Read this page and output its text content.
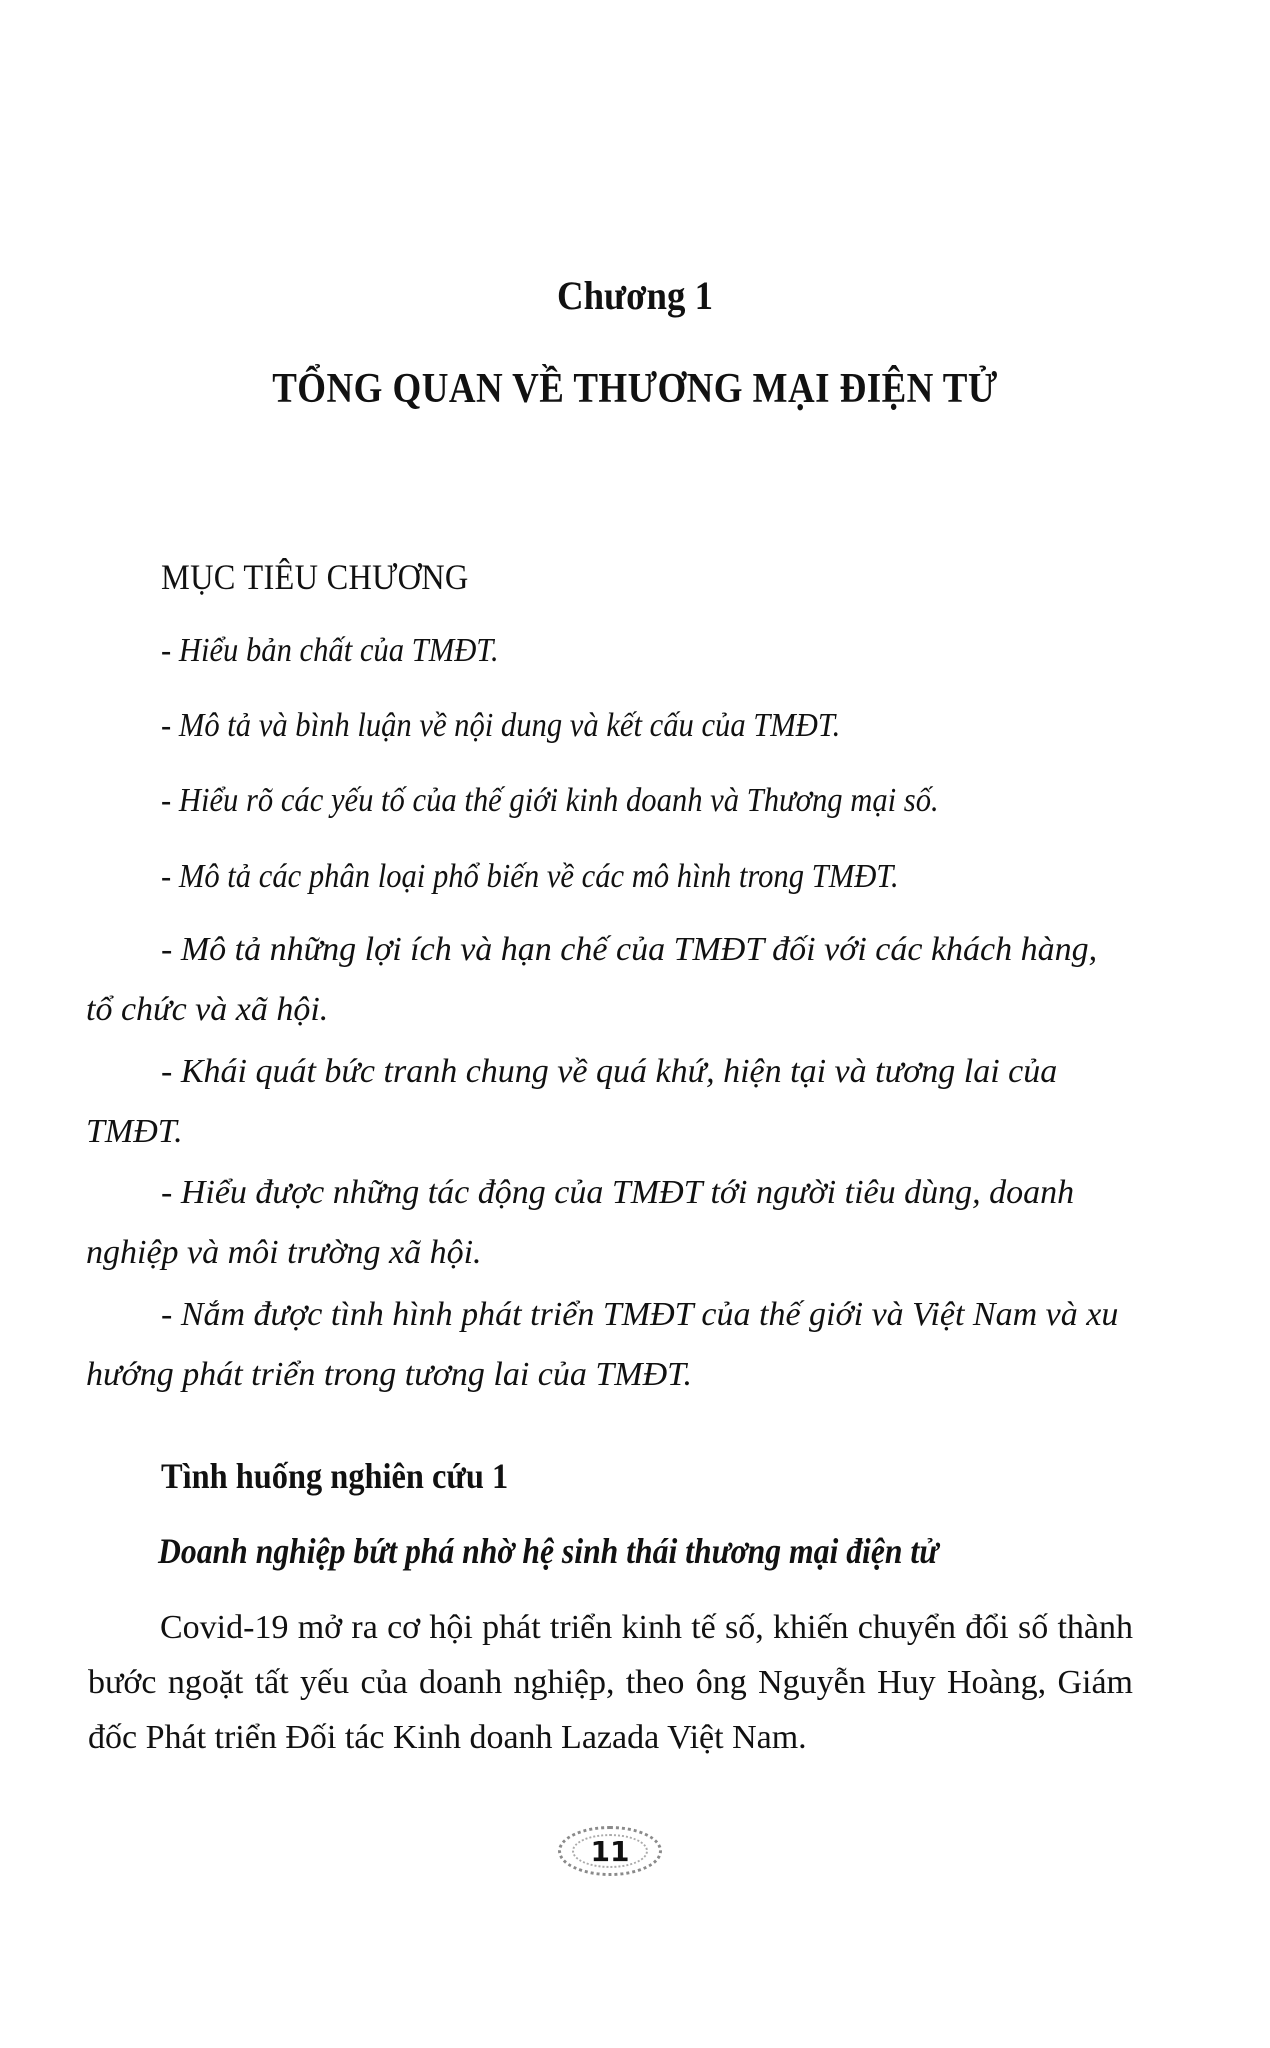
Chương 1
TỔNG QUAN VỀ THƯƠNG MẠI ĐIỆN TỬ
MỤC TIÊU CHƯƠNG
- Hiểu bản chất của TMĐT.
- Mô tả và bình luận về nội dung và kết cấu của TMĐT.
- Hiểu rõ các yếu tố của thế giới kinh doanh và Thương mại số.
- Mô tả các phân loại phổ biến về các mô hình trong TMĐT.
- Mô tả những lợi ích và hạn chế của TMĐT đối với các khách hàng, tổ chức và xã hội.
- Khái quát bức tranh chung về quá khứ, hiện tại và tương lai của TMĐT.
- Hiểu được những tác động của TMĐT tới người tiêu dùng, doanh nghiệp và môi trường xã hội.
- Nắm được tình hình phát triển TMĐT của thế giới và Việt Nam và xu hướng phát triển trong tương lai của TMĐT.
Tình huống nghiên cứu 1
Doanh nghiệp bứt phá nhờ hệ sinh thái thương mại điện tử
Covid-19 mở ra cơ hội phát triển kinh tế số, khiến chuyển đổi số thành bước ngoặt tất yếu của doanh nghiệp, theo ông Nguyễn Huy Hoàng, Giám đốc Phát triển Đối tác Kinh doanh Lazada Việt Nam.
11
